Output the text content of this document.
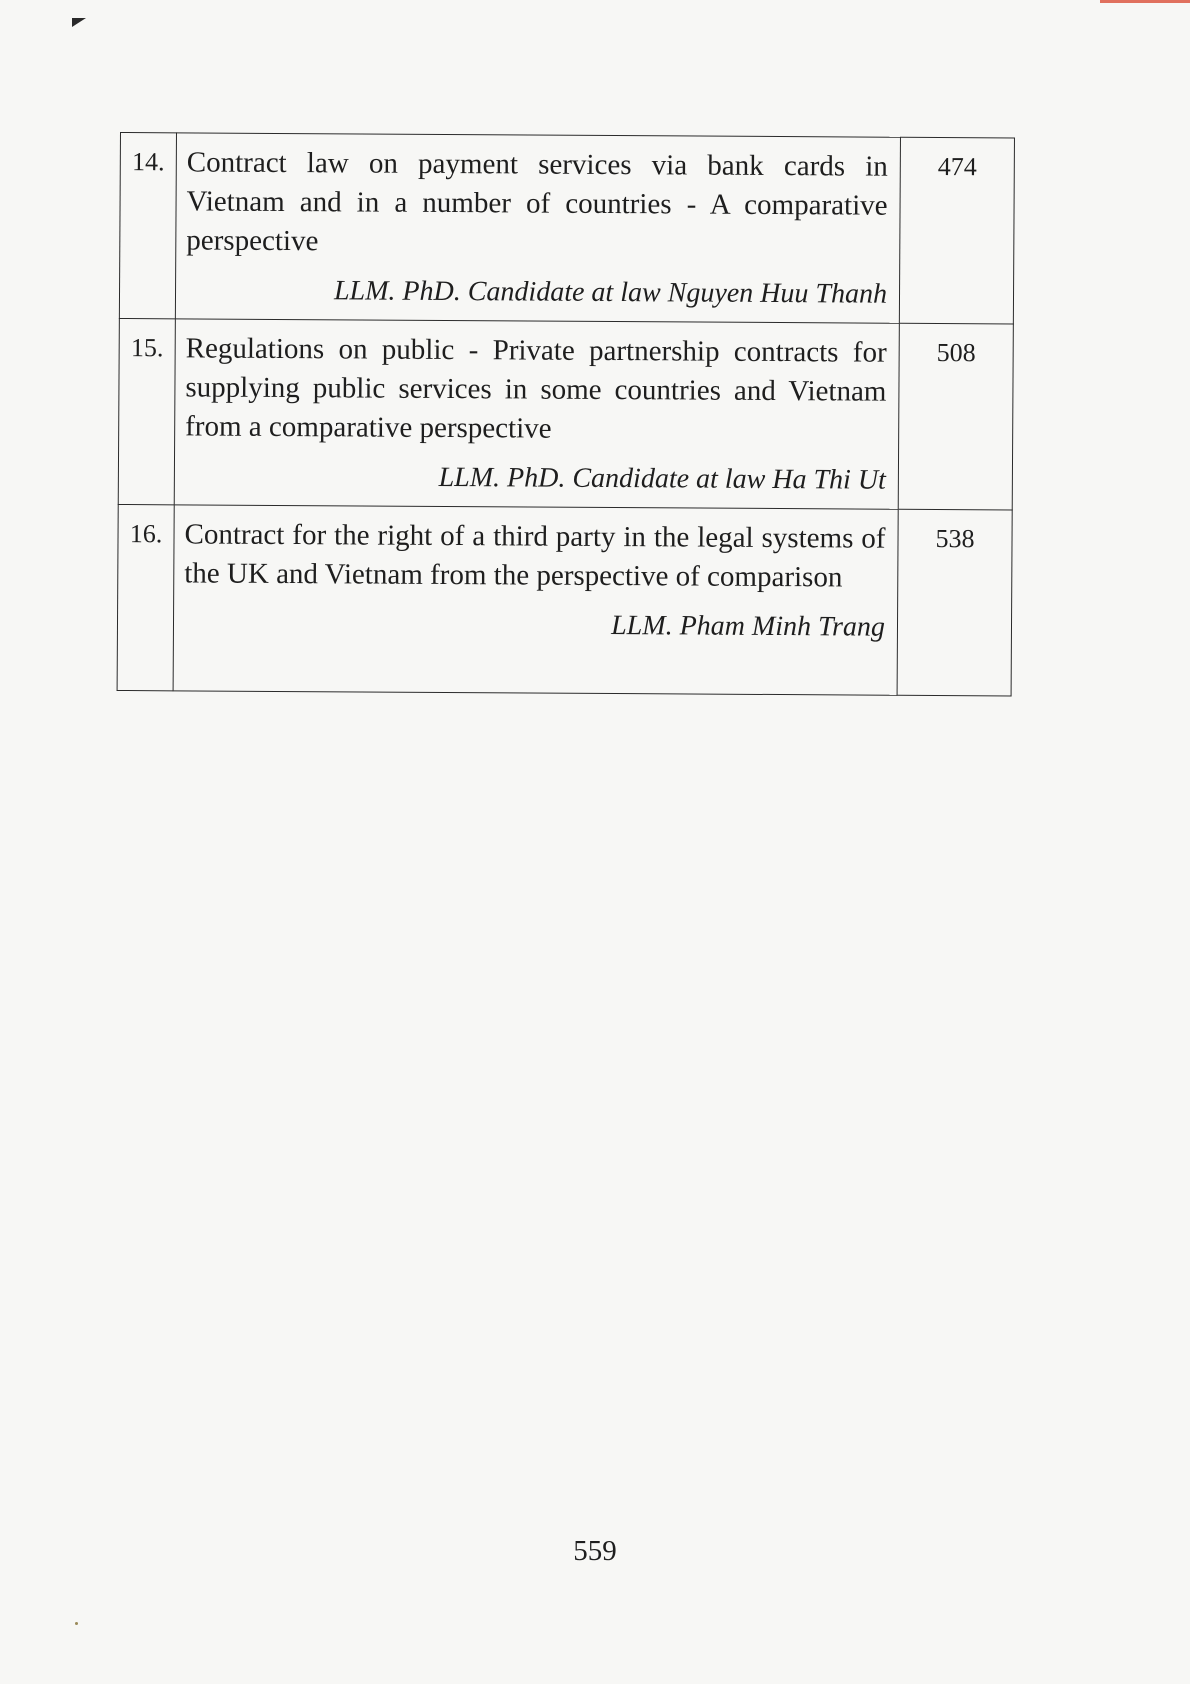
14.	Contract law on payment services via bank cards in Vietnam and in a number of countries - A comparative perspective
LLM. PhD. Candidate at law Nguyen Huu Thanh	474
15.	Regulations on public - Private partnership contracts for supplying public services in some countries and Vietnam from a comparative perspective
LLM. PhD. Candidate at law Ha Thi Ut	508
16.	Contract for the right of a third party in the legal systems of the UK and Vietnam from the perspective of comparison
LLM. Pham Minh Trang	538
559
